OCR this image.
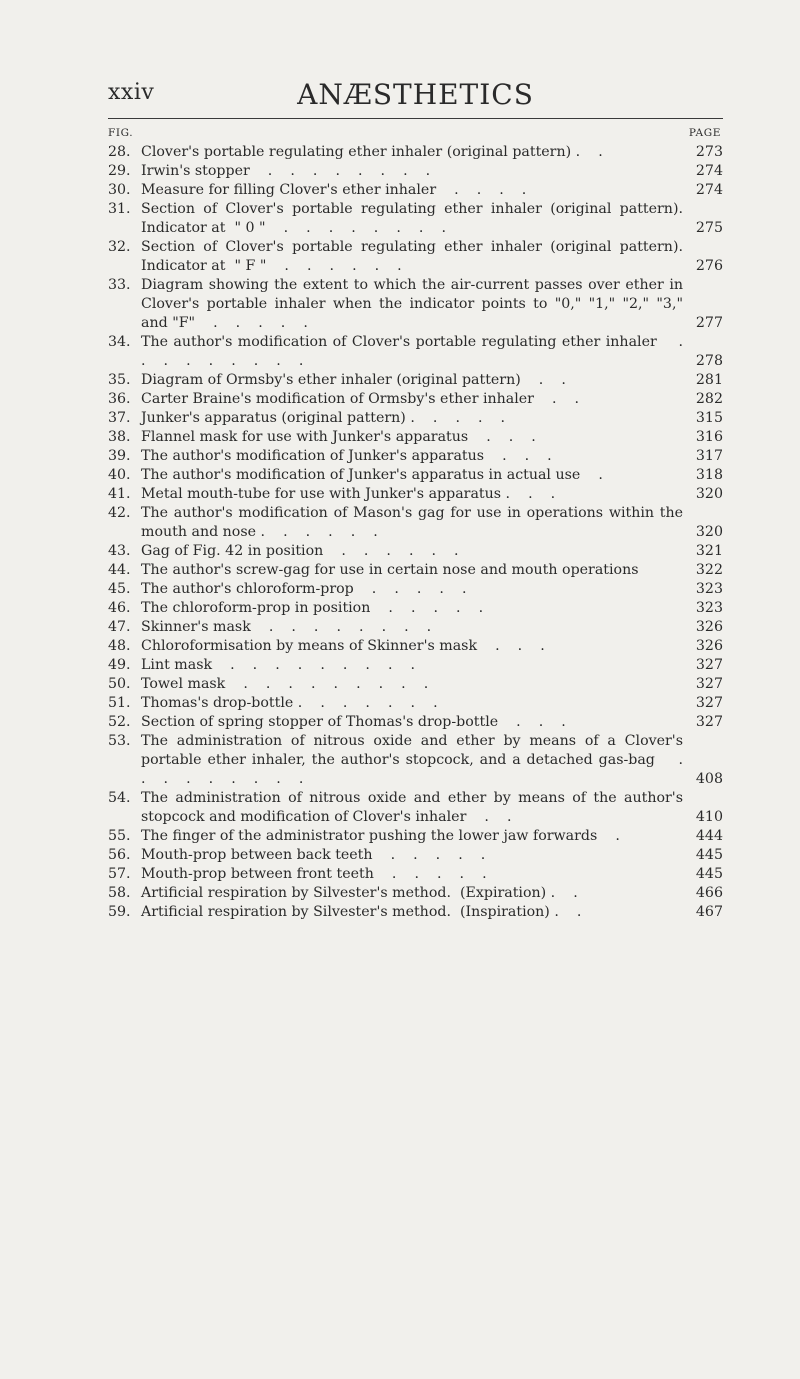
xxiv	ANÆSTHETICS
FIG.	PAGE
28. Clover's portable regulating ether inhaler (original pattern) .    .	273
29. Irwin's stopper    .    .    .    .    .    .    .    .	274
30. Measure for filling Clover's ether inhaler    .    .    .    .	274
31. Section of Clover's portable regulating ether inhaler (original pattern). Indicator at  " 0 "    .    .    .    .    .    .    .    .	275
32. Section of Clover's portable regulating ether inhaler (original pattern).  Indicator at  " F "    .    .    .    .    .    .	276
33. Diagram showing the extent to which the air-current passes over ether in Clover's portable inhaler when the indicator points to "0," "1," "2," "3," and "F"    .    .    .    .    .	277
34. The author's modification of Clover's portable regulating ether inhaler    .    .    .    .    .    .    .    .    .	278
35. Diagram of Ormsby's ether inhaler (original pattern)    .    .	281
36. Carter Braine's modification of Ormsby's ether inhaler    .    .	282
37. Junker's apparatus (original pattern) .    .    .    .    .	315
38. Flannel mask for use with Junker's apparatus    .    .    .	316
39. The author's modification of Junker's apparatus    .    .    .	317
40. The author's modification of Junker's apparatus in actual use    .	318
41. Metal mouth-tube for use with Junker's apparatus .    .    .	320
42. The author's modification of Mason's gag for use in operations within the mouth and nose .    .    .    .    .    .	320
43. Gag of Fig. 42 in position    .    .    .    .    .    .	321
44. The author's screw-gag for use in certain nose and mouth operations	322
45. The author's chloroform-prop    .    .    .    .    .	323
46. The chloroform-prop in position    .    .    .    .    .	323
47. Skinner's mask    .    .    .    .    .    .    .    .	326
48. Chloroformisation by means of Skinner's mask    .    .    .	326
49. Lint mask    .    .    .    .    .    .    .    .    .	327
50. Towel mask    .    .    .    .    .    .    .    .    .	327
51. Thomas's drop-bottle .    .    .    .    .    .    .	327
52. Section of spring stopper of Thomas's drop-bottle    .    .    .	327
53. The administration of nitrous oxide and ether by means of a Clover's portable ether inhaler, the author's stopcock, and a detached gas-bag    .    .    .    .    .    .    .    .    .	408
54. The administration of nitrous oxide and ether by means of the author's stopcock and modification of Clover's inhaler    .    .	410
55. The finger of the administrator pushing the lower jaw forwards    .	444
56. Mouth-prop between back teeth    .    .    .    .    .	445
57. Mouth-prop between front teeth    .    .    .    .    .	445
58. Artificial respiration by Silvester's method.  (Expiration) .    .	466
59. Artificial respiration by Silvester's method.  (Inspiration) .    .	467
